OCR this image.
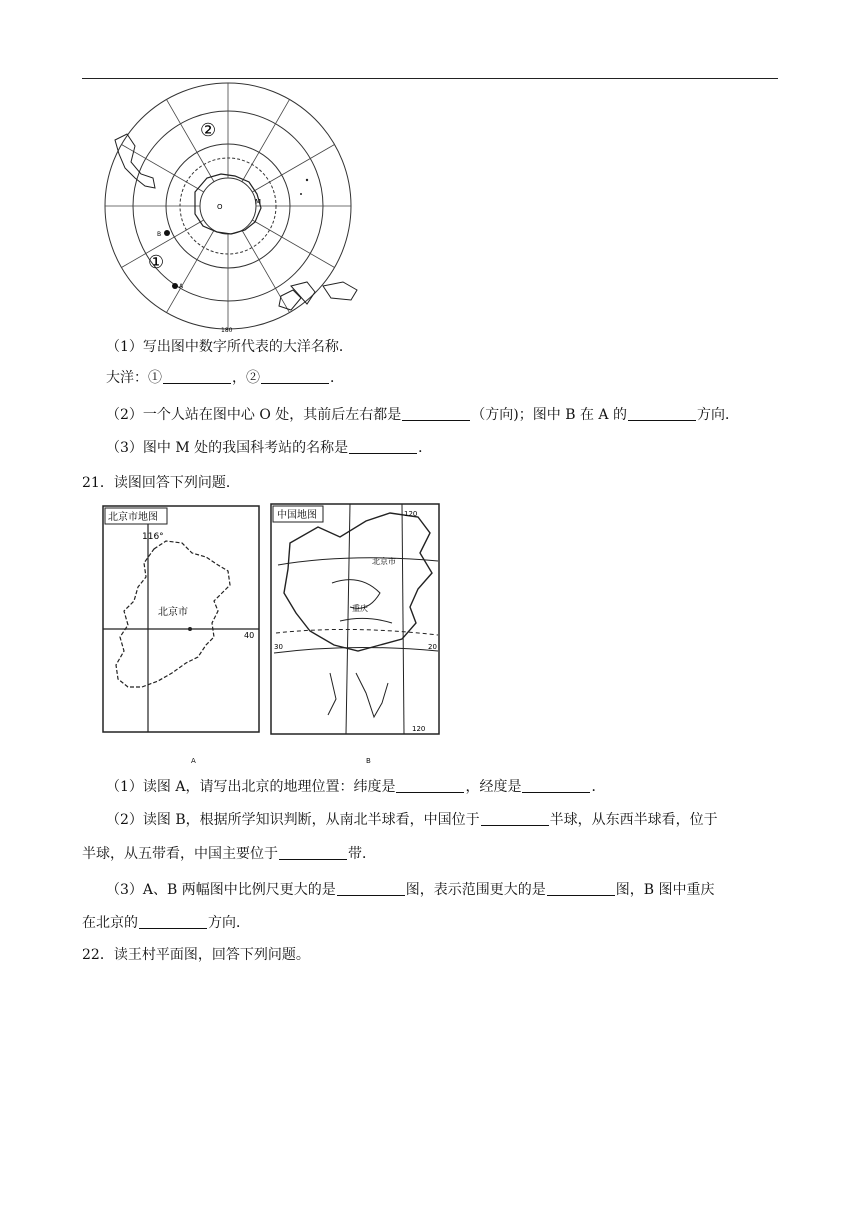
②
①
O
M
A
B
180
（1）写出图中数字所代表的大洋名称．
大洋：①	，②	．
（2）一个人站在图中心 O 处，其前后左右都是	（方向)；图中 B 在 A 的	方向．
（3）图中 M 处的我国科考站的名称是	．
21．读图回答下列问题．
北京市地图
116°
40
北京市
A
中国地图
北京市
重庆
120
120
20
30
B
（1）读图 A，请写出北京的地理位置：纬度是	，经度是	．
（2）读图 B，根据所学知识判断，从南北半球看，中国位于	半球，从东西半球看，位于
半球，从五带看，中国主要位于	带．
（3）A、B 两幅图中比例尺更大的是	图，表示范围更大的是	图，B 图中重庆
在北京的	方向．
22．读王村平面图，回答下列问题。
